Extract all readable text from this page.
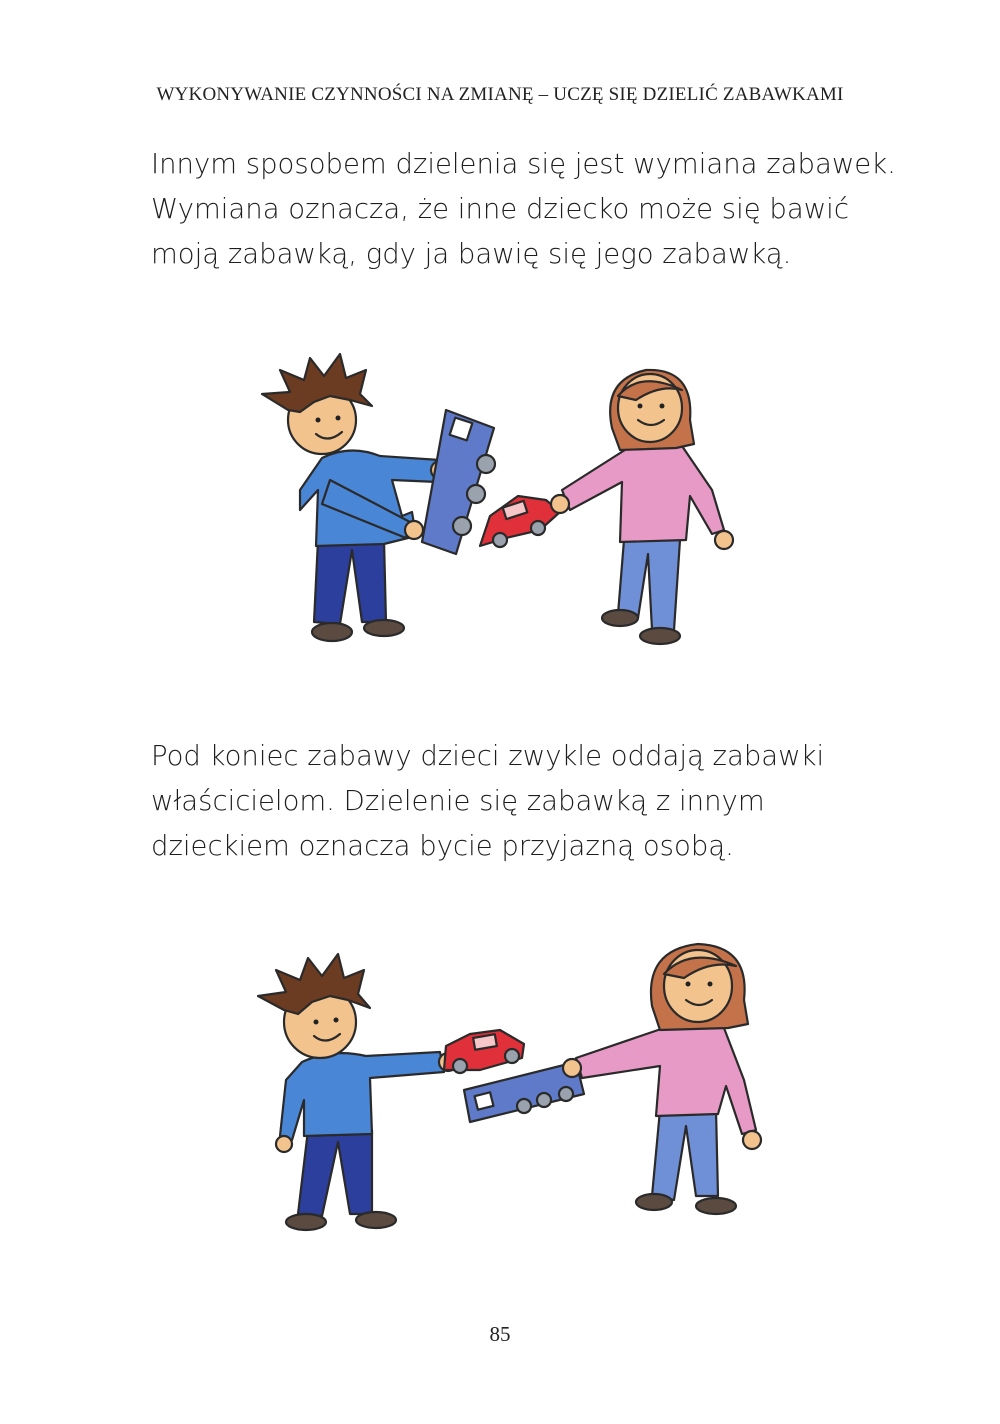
WYKONYWANIE CZYNNOŚCI NA ZMIANĘ – UCZĘ SIĘ DZIELIĆ ZABAWKAMI
Innym sposobem dzielenia się jest wymiana zabawek.
Wymiana oznacza, że inne dziecko może się bawić
moją zabawką, gdy ja bawię się jego zabawką.
Pod koniec zabawy dzieci zwykle oddają zabawki
właścicielom. Dzielenie się zabawką z innym
dzieckiem oznacza bycie przyjazną osobą.
85
